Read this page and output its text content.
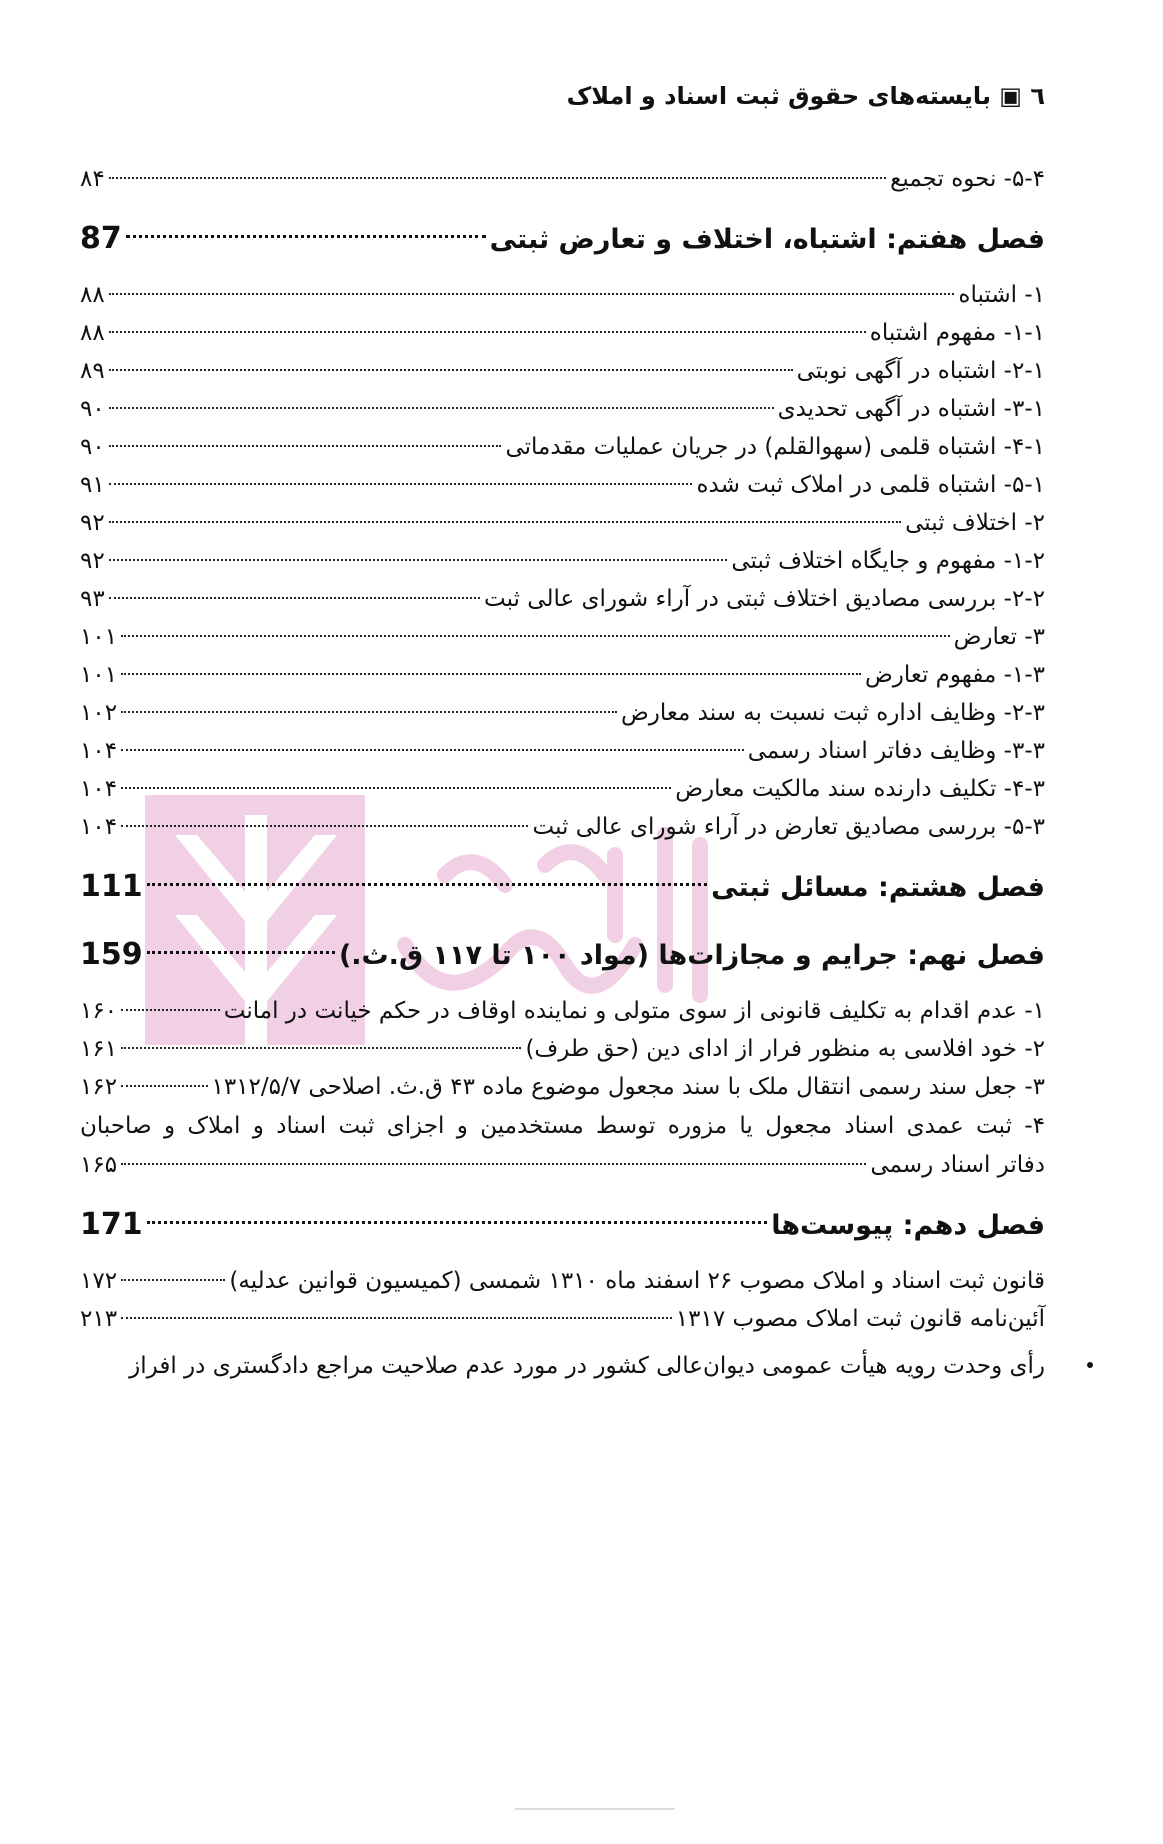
٦ ▣ بایسته‌های حقوق ثبت اسناد و املاک
۵-۴- نحوه تجمیع
۸۴
فصل هفتم: اشتباه، اختلاف و تعارض ثبتی
87
۱- اشتباه
۸۸
۱-۱- مفهوم اشتباه
۸۸
۲-۱- اشتباه در آگهی نوبتی
۸۹
۳-۱- اشتباه در آگهی تحدیدی
۹۰
۴-۱- اشتباه قلمی (سهوالقلم) در جریان عملیات مقدماتی
۹۰
۵-۱- اشتباه قلمی در املاک ثبت شده
۹۱
۲- اختلاف ثبتی
۹۲
۱-۲- مفهوم و جایگاه اختلاف ثبتی
۹۲
۲-۲- بررسی مصادیق اختلاف ثبتی در آراء شورای عالی ثبت
۹۳
۳- تعارض
۱۰۱
۱-۳- مفهوم تعارض
۱۰۱
۲-۳- وظایف اداره ثبت نسبت به سند معارض
۱۰۲
۳-۳- وظایف دفاتر اسناد رسمی
۱۰۴
۴-۳- تکلیف دارنده سند مالکیت معارض
۱۰۴
۵-۳- بررسی مصادیق تعارض در آراء شورای عالی ثبت
۱۰۴
فصل هشتم: مسائل ثبتی
111
فصل نهم: جرایم و مجازات‌ها (مواد ۱۰۰ تا ۱۱۷ ق.ث.)
159
۱- عدم اقدام به تکلیف قانونی از سوی متولی و نماینده اوقاف در حکم خیانت در امانت
۱۶۰
۲- خود افلاسی به منظور فرار از ادای دین (حق طرف)
۱۶۱
۳- جعل سند رسمی انتقال ملک با سند مجعول موضوع ماده ۴۳ ق.ث. اصلاحی ۱۳۱۲/۵/۷
۱۶۲
۴- ثبت عمدی اسناد مجعول یا مزوره توسط مستخدمین و اجزای ثبت اسناد و املاک و صاحبان
دفاتر اسناد رسمی
۱۶۵
فصل دهم: پیوست‌ها
171
قانون ثبت اسناد و املاک مصوب ۲۶ اسفند ماه ۱۳۱۰ شمسی (کمیسیون قوانین عدلیه)
۱۷۲
آئین‌نامه قانون ثبت املاک مصوب ۱۳۱۷
۲۱۳
رأی وحدت رویه هیأت عمومی دیوان‌عالی کشور در مورد عدم صلاحیت مراجع دادگستری در افراز
